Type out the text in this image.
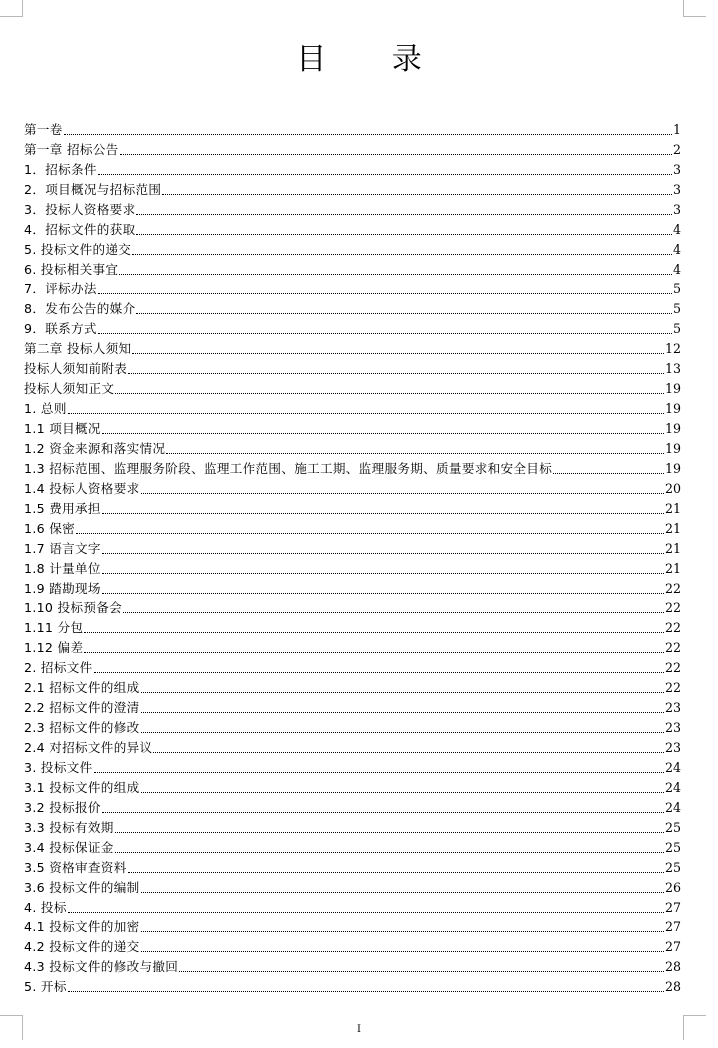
目 录
第一卷	1
第一章 招标公告	2
1．招标条件	3
2．项目概况与招标范围	3
3．投标人资格要求	3
4．招标文件的获取	4
5. 投标文件的递交	4
6. 投标相关事宜	4
7．评标办法	5
8．发布公告的媒介	5
9．联系方式	5
第二章 投标人须知	12
投标人须知前附表	13
投标人须知正文	19
1. 总则	19
1.1 项目概况	19
1.2 资金来源和落实情况	19
1.3 招标范围、监理服务阶段、监理工作范围、施工工期、监理服务期、质量要求和安全目标	19
1.4 投标人资格要求	20
1.5 费用承担	21
1.6 保密	21
1.7 语言文字	21
1.8 计量单位	21
1.9 踏勘现场	22
1.10 投标预备会	22
1.11 分包	22
1.12 偏差	22
2. 招标文件	22
2.1 招标文件的组成	22
2.2 招标文件的澄清	23
2.3 招标文件的修改	23
2.4 对招标文件的异议	23
3. 投标文件	24
3.1 投标文件的组成	24
3.2 投标报价	24
3.3 投标有效期	25
3.4 投标保证金	25
3.5 资格审查资料	25
3.6 投标文件的编制	26
4. 投标	27
4.1 投标文件的加密	27
4.2 投标文件的递交	27
4.3 投标文件的修改与撤回	28
5. 开标	28
I
